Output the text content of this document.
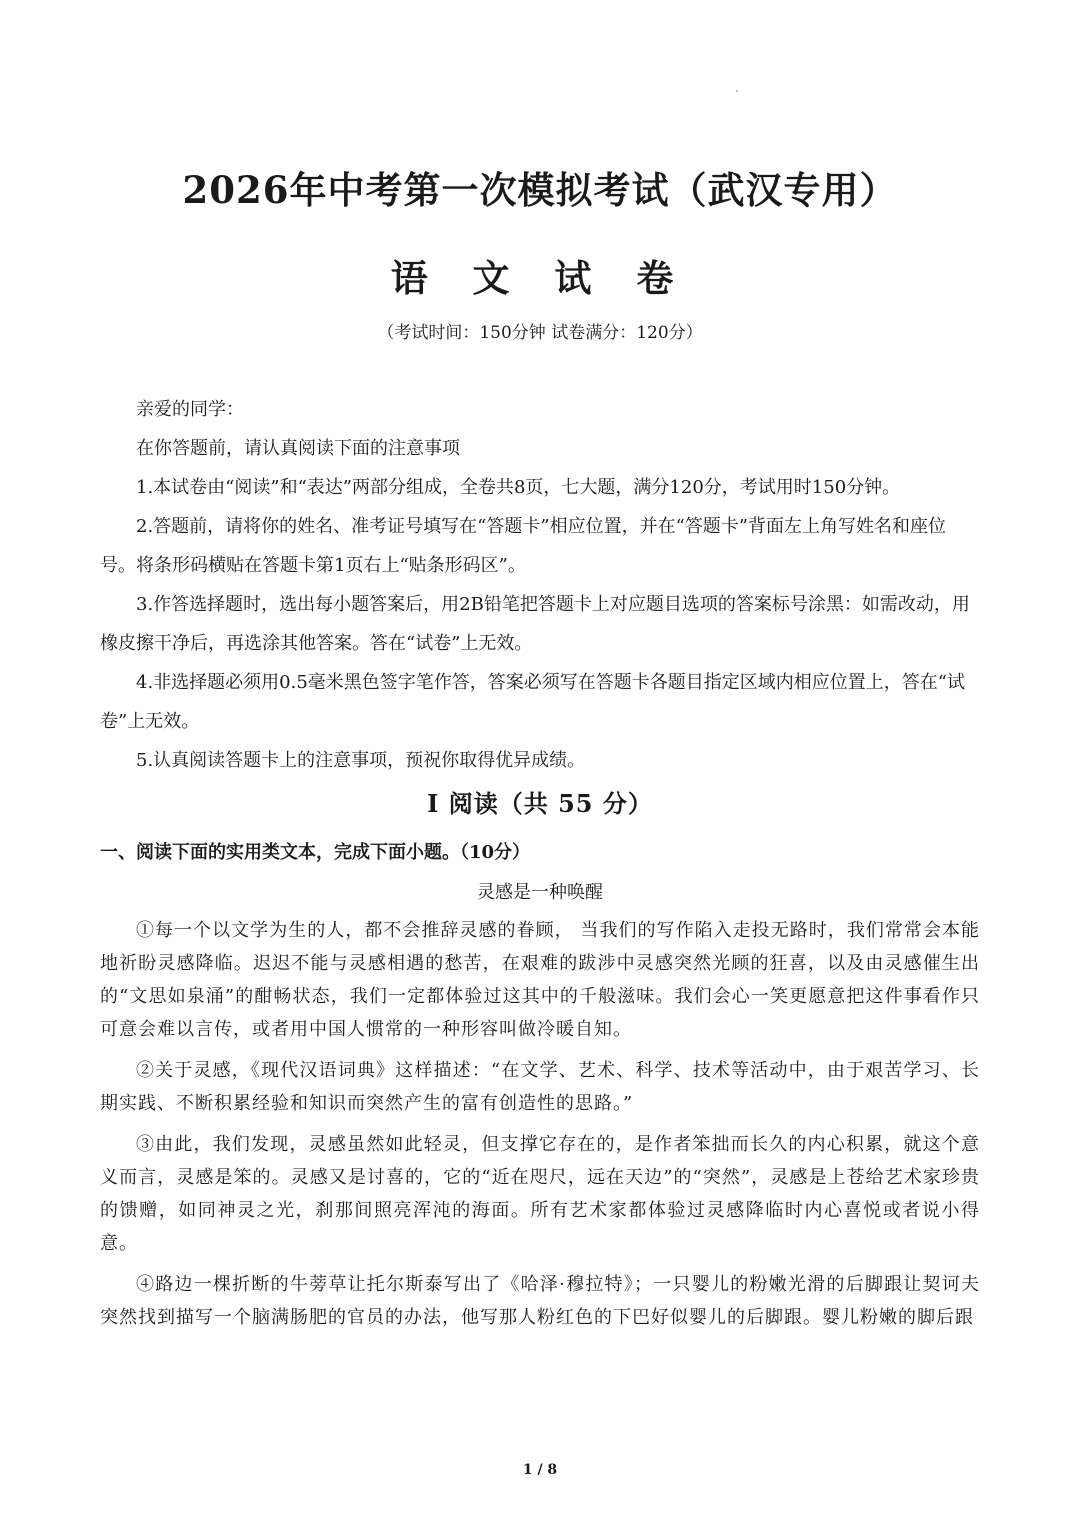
2026年中考第一次模拟考试（武汉专用）
语 文 试 卷
（考试时间：150分钟 试卷满分：120分）

亲爱的同学：

在你答题前，请认真阅读下面的注意事项

1.本试卷由“阅读”和“表达”两部分组成，全卷共8页，七大题，满分120分，考试用时150分钟。

2.答题前，请将你的姓名、准考证号填写在“答题卡”相应位置，并在“答题卡”背面左上角写姓名和座位号。将条形码横贴在答题卡第1页右上“贴条形码区”。

3.作答选择题时，选出每小题答案后，用2B铅笔把答题卡上对应题目选项的答案标号涂黑：如需改动，用橡皮擦干净后，再选涂其他答案。答在“试卷”上无效。

4.非选择题必须用0.5毫米黑色签字笔作答，答案必须写在答题卡各题目指定区域内相应位置上，答在“试卷”上无效。

5.认真阅读答题卡上的注意事项，预祝你取得优异成绩。

I 阅读（共 55 分）
一、阅读下面的实用类文本，完成下面小题。（10分）
灵感是一种唤醒

①每一个以文学为生的人，都不会推辞灵感的眷顾， 当我们的写作陷入走投无路时，我们常常会本能地祈盼灵感降临。迟迟不能与灵感相遇的愁苦，在艰难的跋涉中灵感突然光顾的狂喜，以及由灵感催生出的“文思如泉涌”的酣畅状态，我们一定都体验过这其中的千般滋味。我们会心一笑更愿意把这件事看作只可意会难以言传，或者用中国人惯常的一种形容叫做冷暖自知。

②关于灵感，《现代汉语词典》这样描述：“在文学、艺术、科学、技术等活动中，由于艰苦学习、长期实践、不断积累经验和知识而突然产生的富有创造性的思路。”

③由此，我们发现，灵感虽然如此轻灵，但支撑它存在的，是作者笨拙而长久的内心积累，就这个意义而言，灵感是笨的。灵感又是讨喜的，它的“近在咫尺，远在天边”的“突然”，灵感是上苍给艺术家珍贵的馈赠，如同神灵之光，刹那间照亮浑沌的海面。所有艺术家都体验过灵感降临时内心喜悦或者说小得意。

④路边一棵折断的牛蒡草让托尔斯泰写出了《哈泽·穆拉特》；一只婴儿的粉嫩光滑的后脚跟让契诃夫突然找到描写一个脑满肠肥的官员的办法，他写那人粉红色的下巴好似婴儿的后脚跟。婴儿粉嫩的脚后跟

1 / 8
